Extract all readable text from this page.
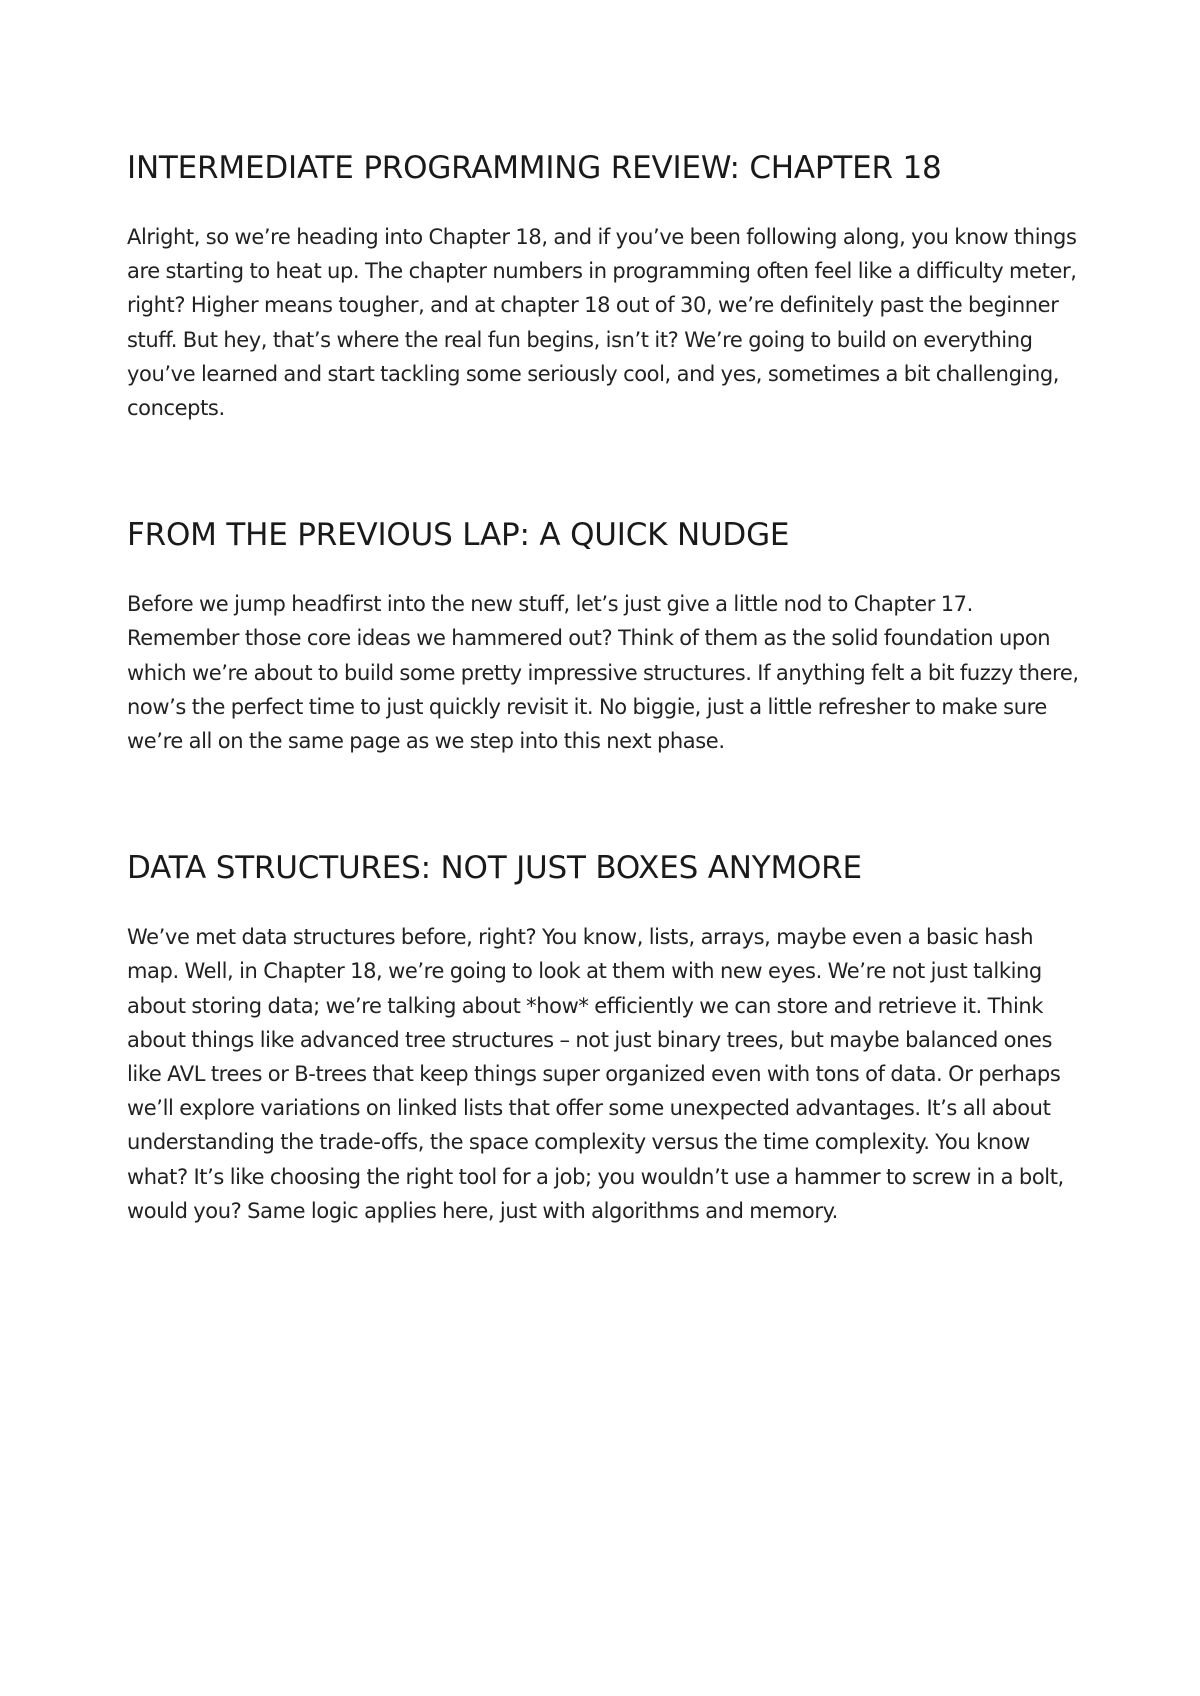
INTERMEDIATE PROGRAMMING REVIEW: CHAPTER 18

Alright, so we’re heading into Chapter 18, and if you’ve been following along, you know things are starting to heat up. The chapter numbers in programming often feel like a difficulty meter, right? Higher means tougher, and at chapter 18 out of 30, we’re definitely past the beginner stuff. But hey, that’s where the real fun begins, isn’t it? We’re going to build on everything you’ve learned and start tackling some seriously cool, and yes, sometimes a bit challenging, concepts.

FROM THE PREVIOUS LAP: A QUICK NUDGE

Before we jump headfirst into the new stuff, let’s just give a little nod to Chapter 17. Remember those core ideas we hammered out? Think of them as the solid foundation upon which we’re about to build some pretty impressive structures. If anything felt a bit fuzzy there, now’s the perfect time to just quickly revisit it. No biggie, just a little refresher to make sure we’re all on the same page as we step into this next phase.

DATA STRUCTURES: NOT JUST BOXES ANYMORE

We’ve met data structures before, right? You know, lists, arrays, maybe even a basic hash map. Well, in Chapter 18, we’re going to look at them with new eyes. We’re not just talking about storing data; we’re talking about *how* efficiently we can store and retrieve it. Think about things like advanced tree structures – not just binary trees, but maybe balanced ones like AVL trees or B-trees that keep things super organized even with tons of data. Or perhaps we’ll explore variations on linked lists that offer some unexpected advantages. It’s all about understanding the trade-offs, the space complexity versus the time complexity. You know what? It’s like choosing the right tool for a job; you wouldn’t use a hammer to screw in a bolt, would you? Same logic applies here, just with algorithms and memory.
